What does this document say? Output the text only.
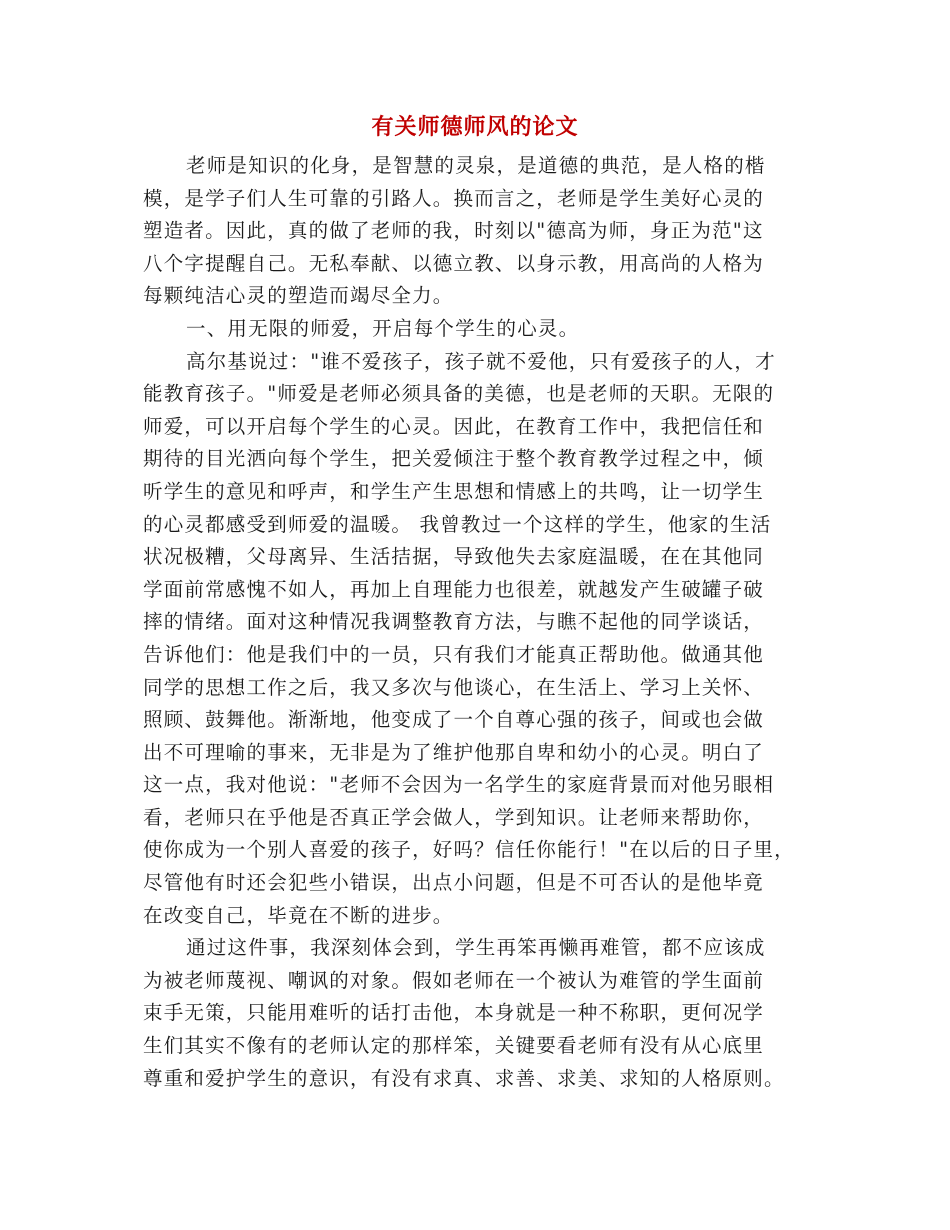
有关师德师风的论文
老师是知识的化身，是智慧的灵泉，是道德的典范，是人格的楷
模，是学子们人生可靠的引路人。换而言之，老师是学生美好心灵的
塑造者。因此，真的做了老师的我，时刻以"德高为师，身正为范"这
八个字提醒自己。无私奉献、以德立教、以身示教，用高尚的人格为
每颗纯洁心灵的塑造而竭尽全力。
一、用无限的师爱，开启每个学生的心灵。
高尔基说过："谁不爱孩子，孩子就不爱他，只有爱孩子的人，才
能教育孩子。"师爱是老师必须具备的美德，也是老师的天职。无限的
师爱，可以开启每个学生的心灵。因此，在教育工作中，我把信任和
期待的目光洒向每个学生，把关爱倾注于整个教育教学过程之中，倾
听学生的意见和呼声，和学生产生思想和情感上的共鸣，让一切学生
的心灵都感受到师爱的温暖。 我曾教过一个这样的学生，他家的生活
状况极糟，父母离异、生活拮据，导致他失去家庭温暖，在在其他同
学面前常感愧不如人，再加上自理能力也很差，就越发产生破罐子破
摔的情绪。面对这种情况我调整教育方法，与瞧不起他的同学谈话，
告诉他们：他是我们中的一员，只有我们才能真正帮助他。做通其他
同学的思想工作之后，我又多次与他谈心，在生活上、学习上关怀、
照顾、鼓舞他。渐渐地，他变成了一个自尊心强的孩子，间或也会做
出不可理喻的事来，无非是为了维护他那自卑和幼小的心灵。明白了
这一点，我对他说："老师不会因为一名学生的家庭背景而对他另眼相
看，老师只在乎他是否真正学会做人，学到知识。让老师来帮助你，
使你成为一个别人喜爱的孩子，好吗？信任你能行！"在以后的日子里，
尽管他有时还会犯些小错误，出点小问题，但是不可否认的是他毕竟
在改变自己，毕竟在不断的进步。
通过这件事，我深刻体会到，学生再笨再懒再难管，都不应该成
为被老师蔑视、嘲讽的对象。假如老师在一个被认为难管的学生面前
束手无策，只能用难听的话打击他，本身就是一种不称职，更何况学
生们其实不像有的老师认定的那样笨，关键要看老师有没有从心底里
尊重和爱护学生的意识，有没有求真、求善、求美、求知的人格原则。
